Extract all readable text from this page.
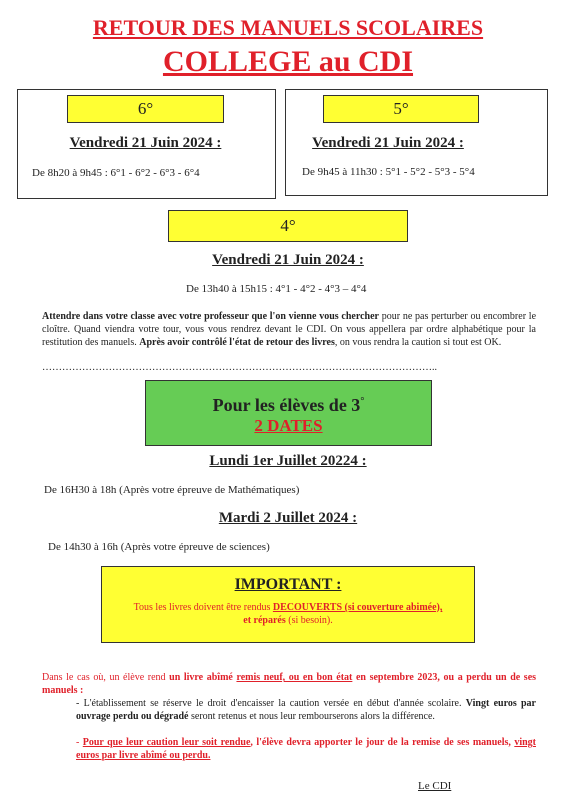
RETOUR DES MANUELS SCOLAIRES
COLLEGE au CDI
6°
Vendredi 21 Juin 2024 :
De 8h20 à 9h45 : 6°1 - 6°2 - 6°3 - 6°4
5°
Vendredi 21 Juin 2024 :
De 9h45 à 11h30 : 5°1 - 5°2 - 5°3 - 5°4
4°
Vendredi 21 Juin 2024 :
De 13h40 à 15h15 : 4°1 - 4°2 - 4°3 – 4°4
Attendre dans votre classe avec votre professeur que l'on vienne vous chercher pour ne pas perturber ou encombrer le cloître. Quand viendra votre tour, vous vous rendrez devant le CDI. On vous appellera par ordre alphabétique pour la restitution des manuels. Après avoir contrôlé l'état de retour des livres, on vous rendra la caution si tout est OK.
………………………………………………………………………………………………………..
Pour les élèves de 3°
2 DATES
Lundi 1er Juillet 20224 :
De 16H30 à 18h (Après votre épreuve de Mathématiques)
Mardi 2 Juillet 2024 :
De 14h30 à 16h (Après votre épreuve de sciences)
IMPORTANT :
Tous les livres doivent être rendus DECOUVERTS (si couverture abimée),
et réparés (si besoin).
Dans le cas où, un élève rend un livre abîmé remis neuf, ou en bon état en septembre 2023, ou a perdu un de ses manuels :
- L'établissement se réserve le droit d'encaisser la caution versée en début d'année scolaire. Vingt euros par ouvrage perdu ou dégradé seront retenus et nous leur rembourserons alors la différence.
- Pour que leur caution leur soit rendue, l'élève devra apporter le jour de la remise de ses manuels, vingt euros par livre abîmé ou perdu.
Le CDI
